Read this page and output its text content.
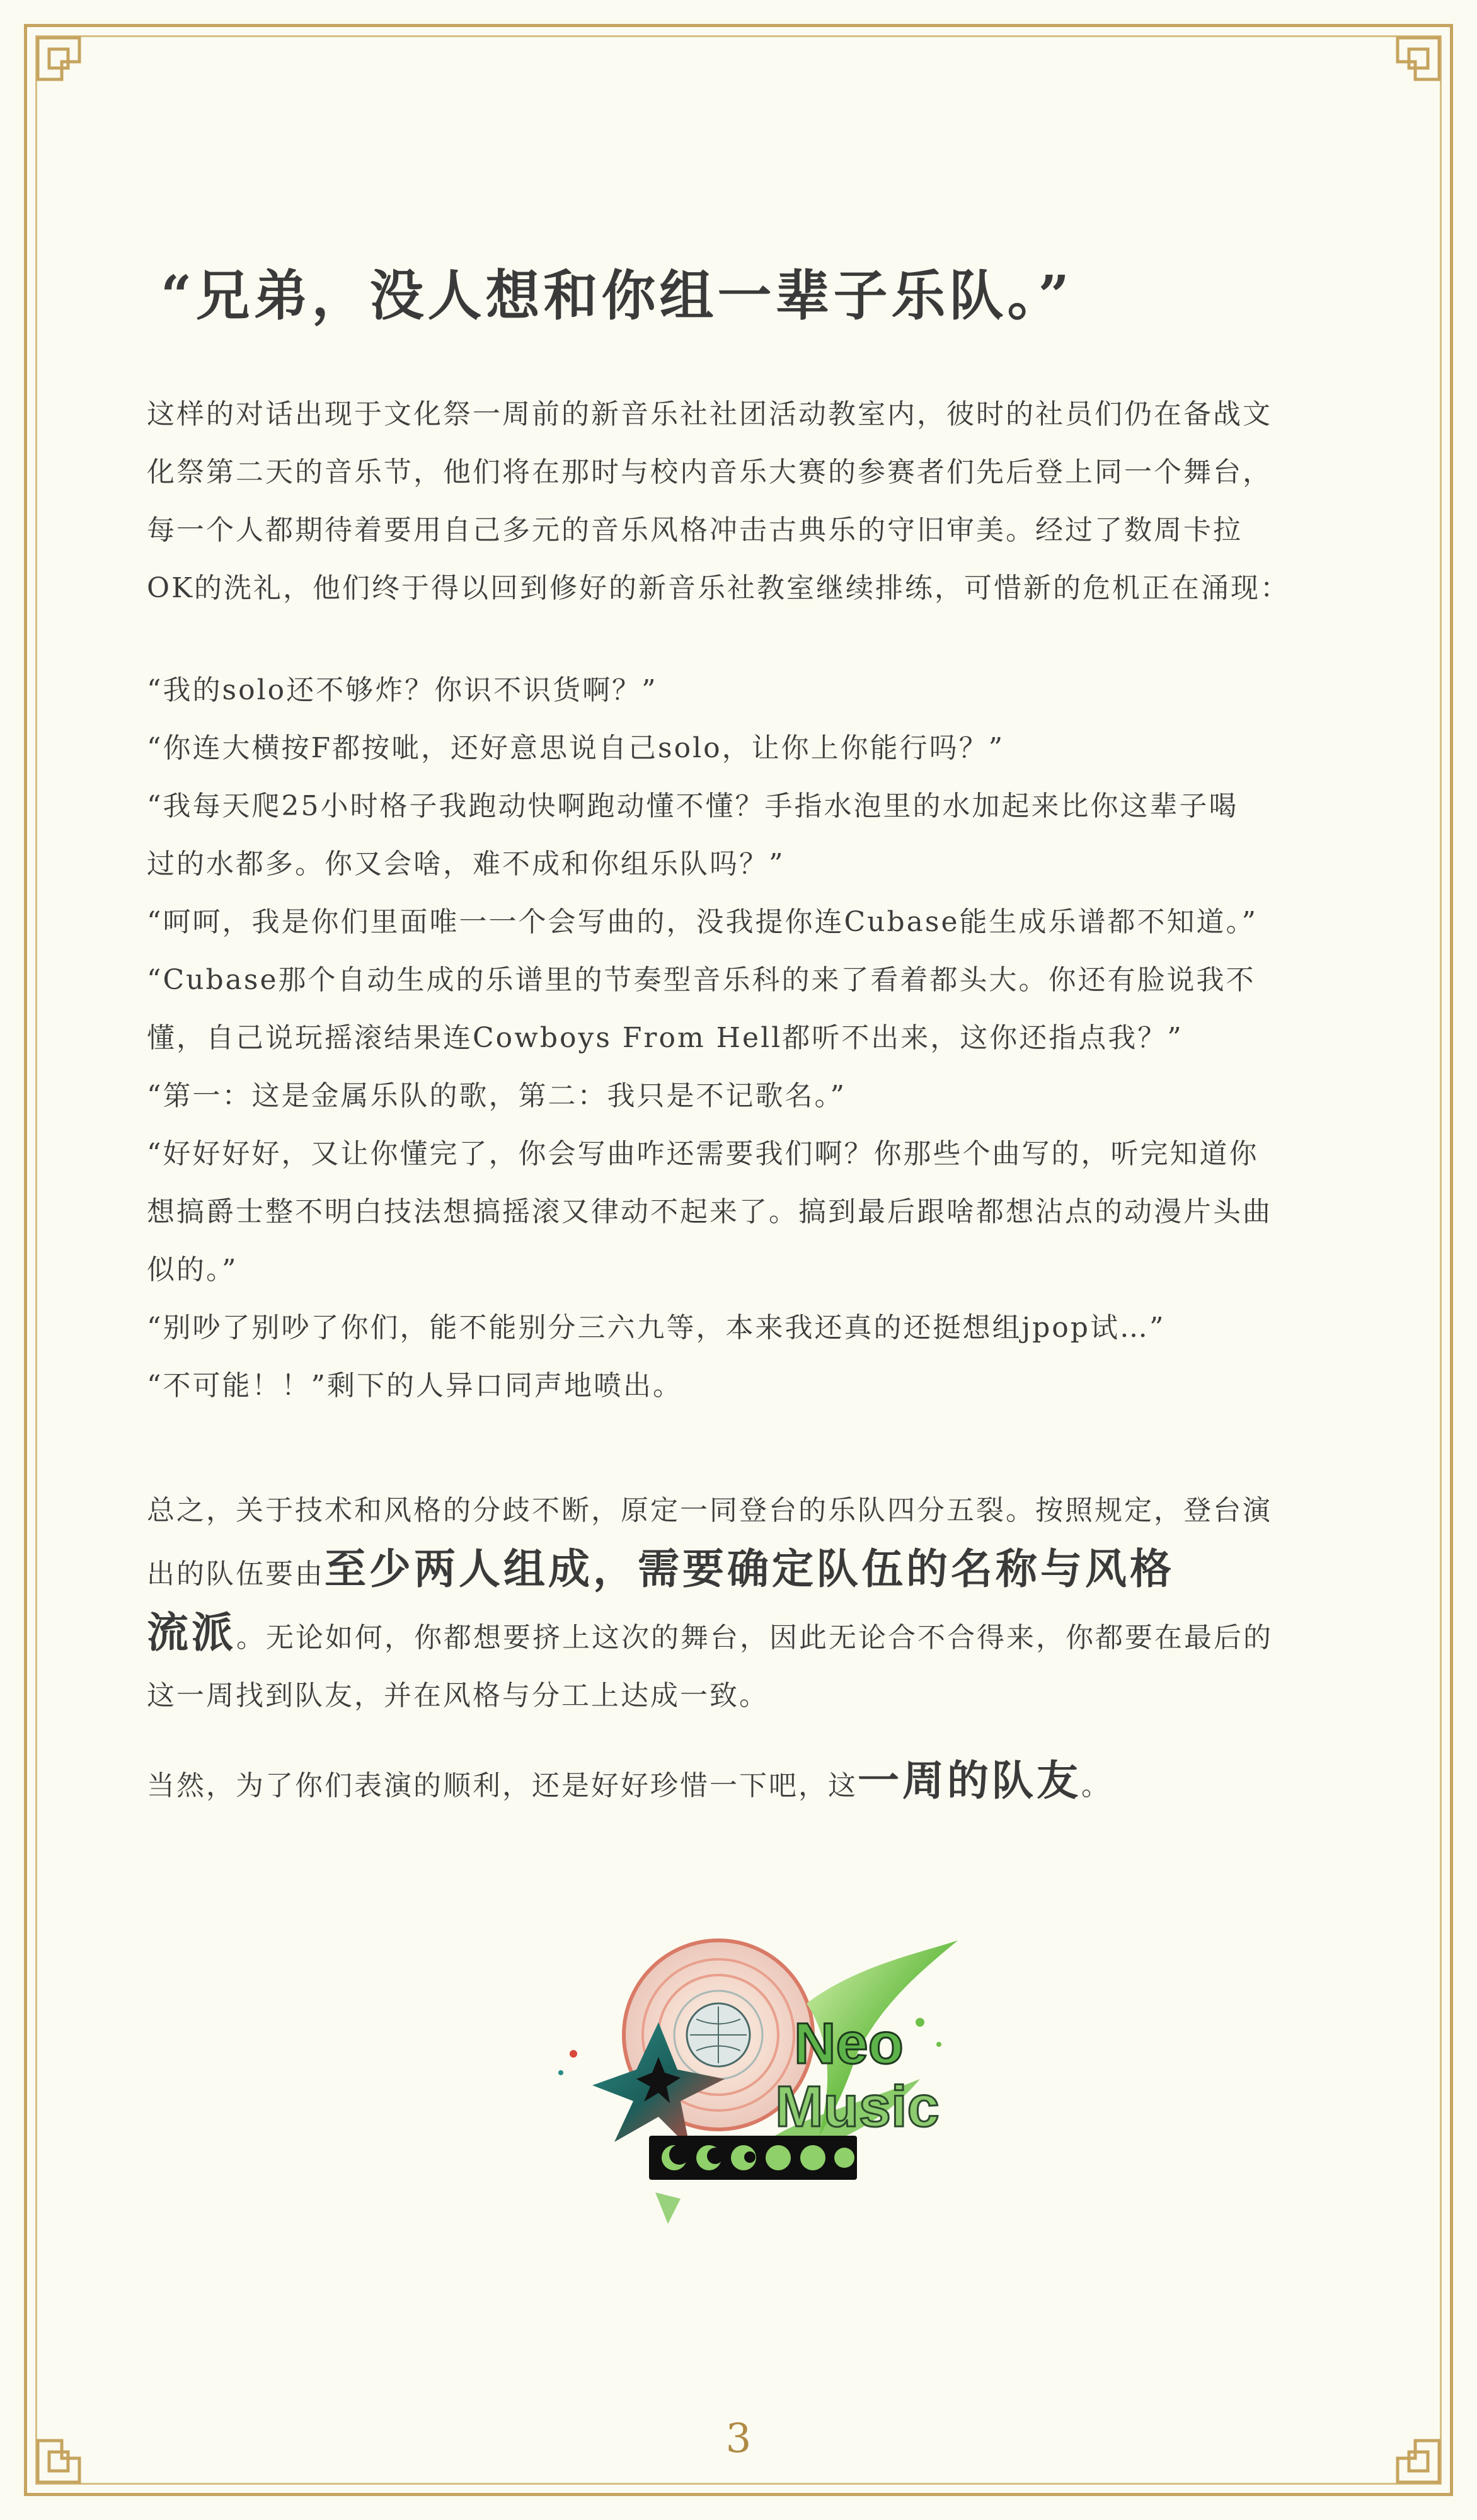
“兄弟，没人想和你组一辈子乐队。”

这样的对话出现于文化祭一周前的新音乐社社团活动教室内，彼时的社员们仍在备战文
化祭第二天的音乐节，他们将在那时与校内音乐大赛的参赛者们先后登上同一个舞台，
每一个人都期待着要用自己多元的音乐风格冲击古典乐的守旧审美。经过了数周卡拉
OK的洗礼，他们终于得以回到修好的新音乐社教室继续排练，可惜新的危机正在涌现：

“我的solo还不够炸？你识不识货啊？”
“你连大横按F都按呲，还好意思说自己solo，让你上你能行吗？”
“我每天爬25小时格子我跑动快啊跑动懂不懂？手指水泡里的水加起来比你这辈子喝
过的水都多。你又会啥，难不成和你组乐队吗？”
“呵呵，我是你们里面唯一一个会写曲的，没我提你连Cubase能生成乐谱都不知道。”
“Cubase那个自动生成的乐谱里的节奏型音乐科的来了看着都头大。你还有脸说我不
懂，自己说玩摇滚结果连Cowboys From Hell都听不出来，这你还指点我？”
“第一：这是金属乐队的歌，第二：我只是不记歌名。”
“好好好好，又让你懂完了，你会写曲咋还需要我们啊？你那些个曲写的，听完知道你
想搞爵士整不明白技法想搞摇滚又律动不起来了。搞到最后跟啥都想沾点的动漫片头曲
似的。”
“别吵了别吵了你们，能不能别分三六九等，本来我还真的还挺想组jpop试…”
“不可能！！”剩下的人异口同声地喷出。

总之，关于技术和风格的分歧不断，原定一同登台的乐队四分五裂。按照规定，登台演
出的队伍要由至少两人组成，需要确定队伍的名称与风格
流派。无论如何，你都想要挤上这次的舞台，因此无论合不合得来，你都要在最后的
这一周找到队友，并在风格与分工上达成一致。

当然，为了你们表演的顺利，还是好好珍惜一下吧，这一周的队友。

Neo
Music
3
